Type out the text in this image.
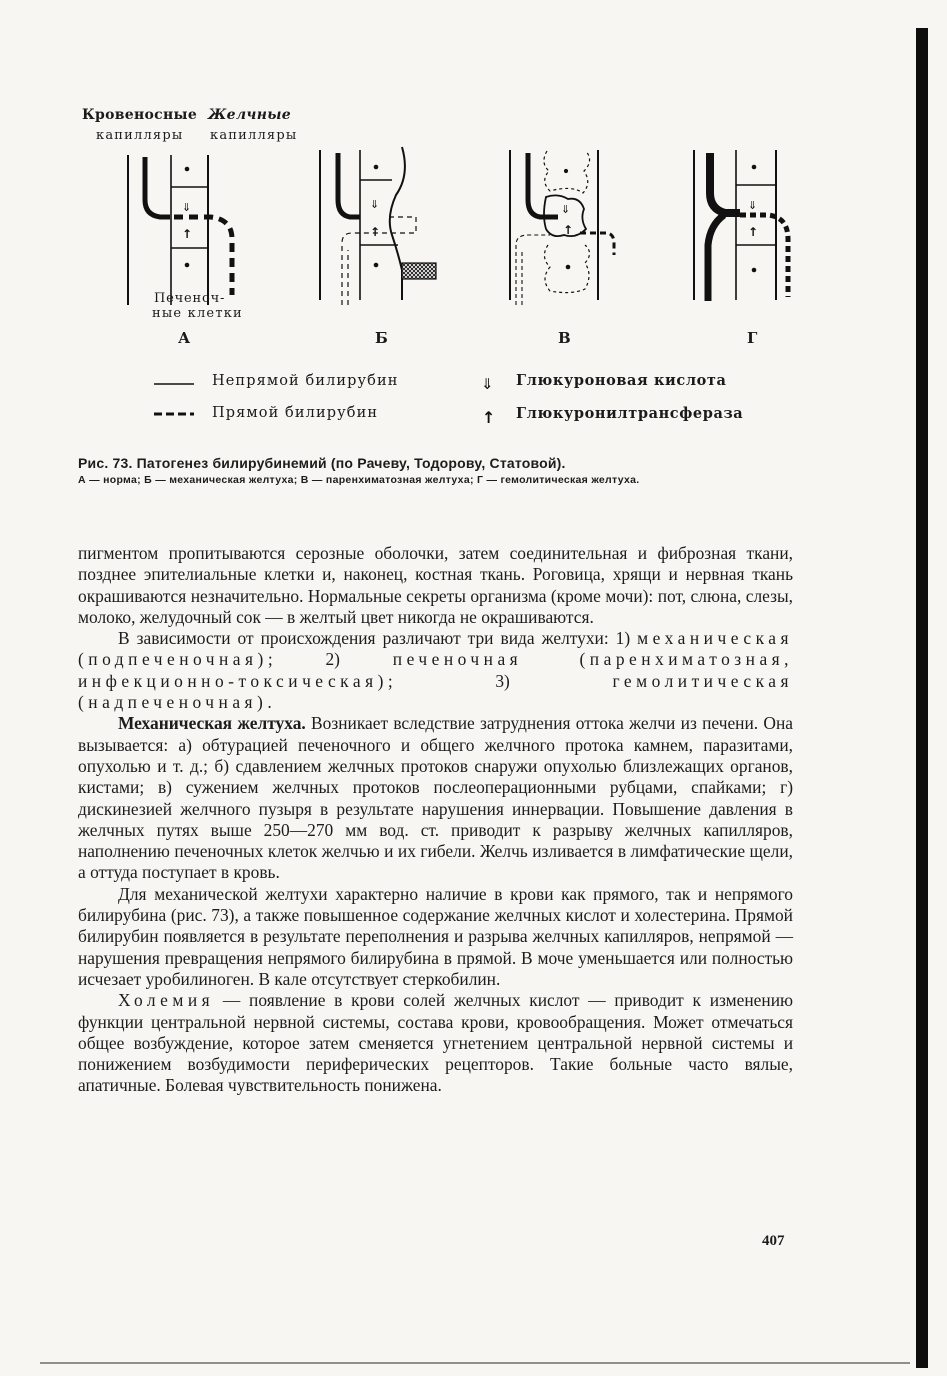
⇓
↑
⇓
↑
⇓
↑
⇓
↑
⇓
↑
Кровеносные Желчные
капилляры капилляры
Печеноч-
ные клетки
А	Б	В	Г
Непрямой билирубин
Прямой билирубин
Глюкуроновая кислота
Глюкуронилтрансфераза

Рис. 73. Патогенез билирубинемий (по Рачеву, Тодорову, Статовой).

А — норма; Б — механическая желтуха; В — паренхиматозная желтуха; Г — гемолитическая желтуха.

пигментом пропитываются серозные оболочки, затем соединительная и фиброзная ткани, позднее эпителиальные клетки и, наконец, костная ткань. Роговица, хрящи и нервная ткань окрашиваются незначительно. Нормальные секреты организма (кроме мочи): пот, слюна, слезы, молоко, желудочный сок — в желтый цвет никогда не окрашиваются.

В зависимости от происхождения различают три вида желтухи: 1) механическая (подпеченочная); 2) печеночная (паренхиматозная, инфекционно-токсическая); 3) гемолитическая (надпеченочная).

Механическая желтуха. Возникает вследствие затруднения оттока желчи из печени. Она вызывается: а) обтурацией печеночного и общего желчного протока камнем, паразитами, опухолью и т. д.; б) сдавлением желчных протоков снаружи опухолью близлежащих органов, кистами; в) сужением желчных протоков послеоперационными рубцами, спайками; г) дискинезией желчного пузыря в результате нарушения иннервации. Повышение давления в желчных путях выше 250—270 мм вод. ст. приводит к разрыву желчных капилляров, наполнению печеночных клеток желчью и их гибели. Желчь изливается в лимфатические щели, а оттуда поступает в кровь.

Для механической желтухи характерно наличие в крови как прямого, так и непрямого билирубина (рис. 73), а также повышенное содержание желчных кислот и холестерина. Прямой билирубин появляется в результате переполнения и разрыва желчных капилляров, непрямой — нарушения превращения непрямого билирубина в прямой. В моче уменьшается или полностью исчезает уробилиноген. В кале отсутствует стеркобилин.

Холемия — появление в крови солей желчных кислот — приводит к изменению функции центральной нервной системы, состава крови, кровообращения. Может отмечаться общее возбуждение, которое затем сменяется угнетением центральной нервной системы и понижением возбудимости периферических рецепторов. Такие больные часто вялые, апатичные. Болевая чувствительность понижена.

407
